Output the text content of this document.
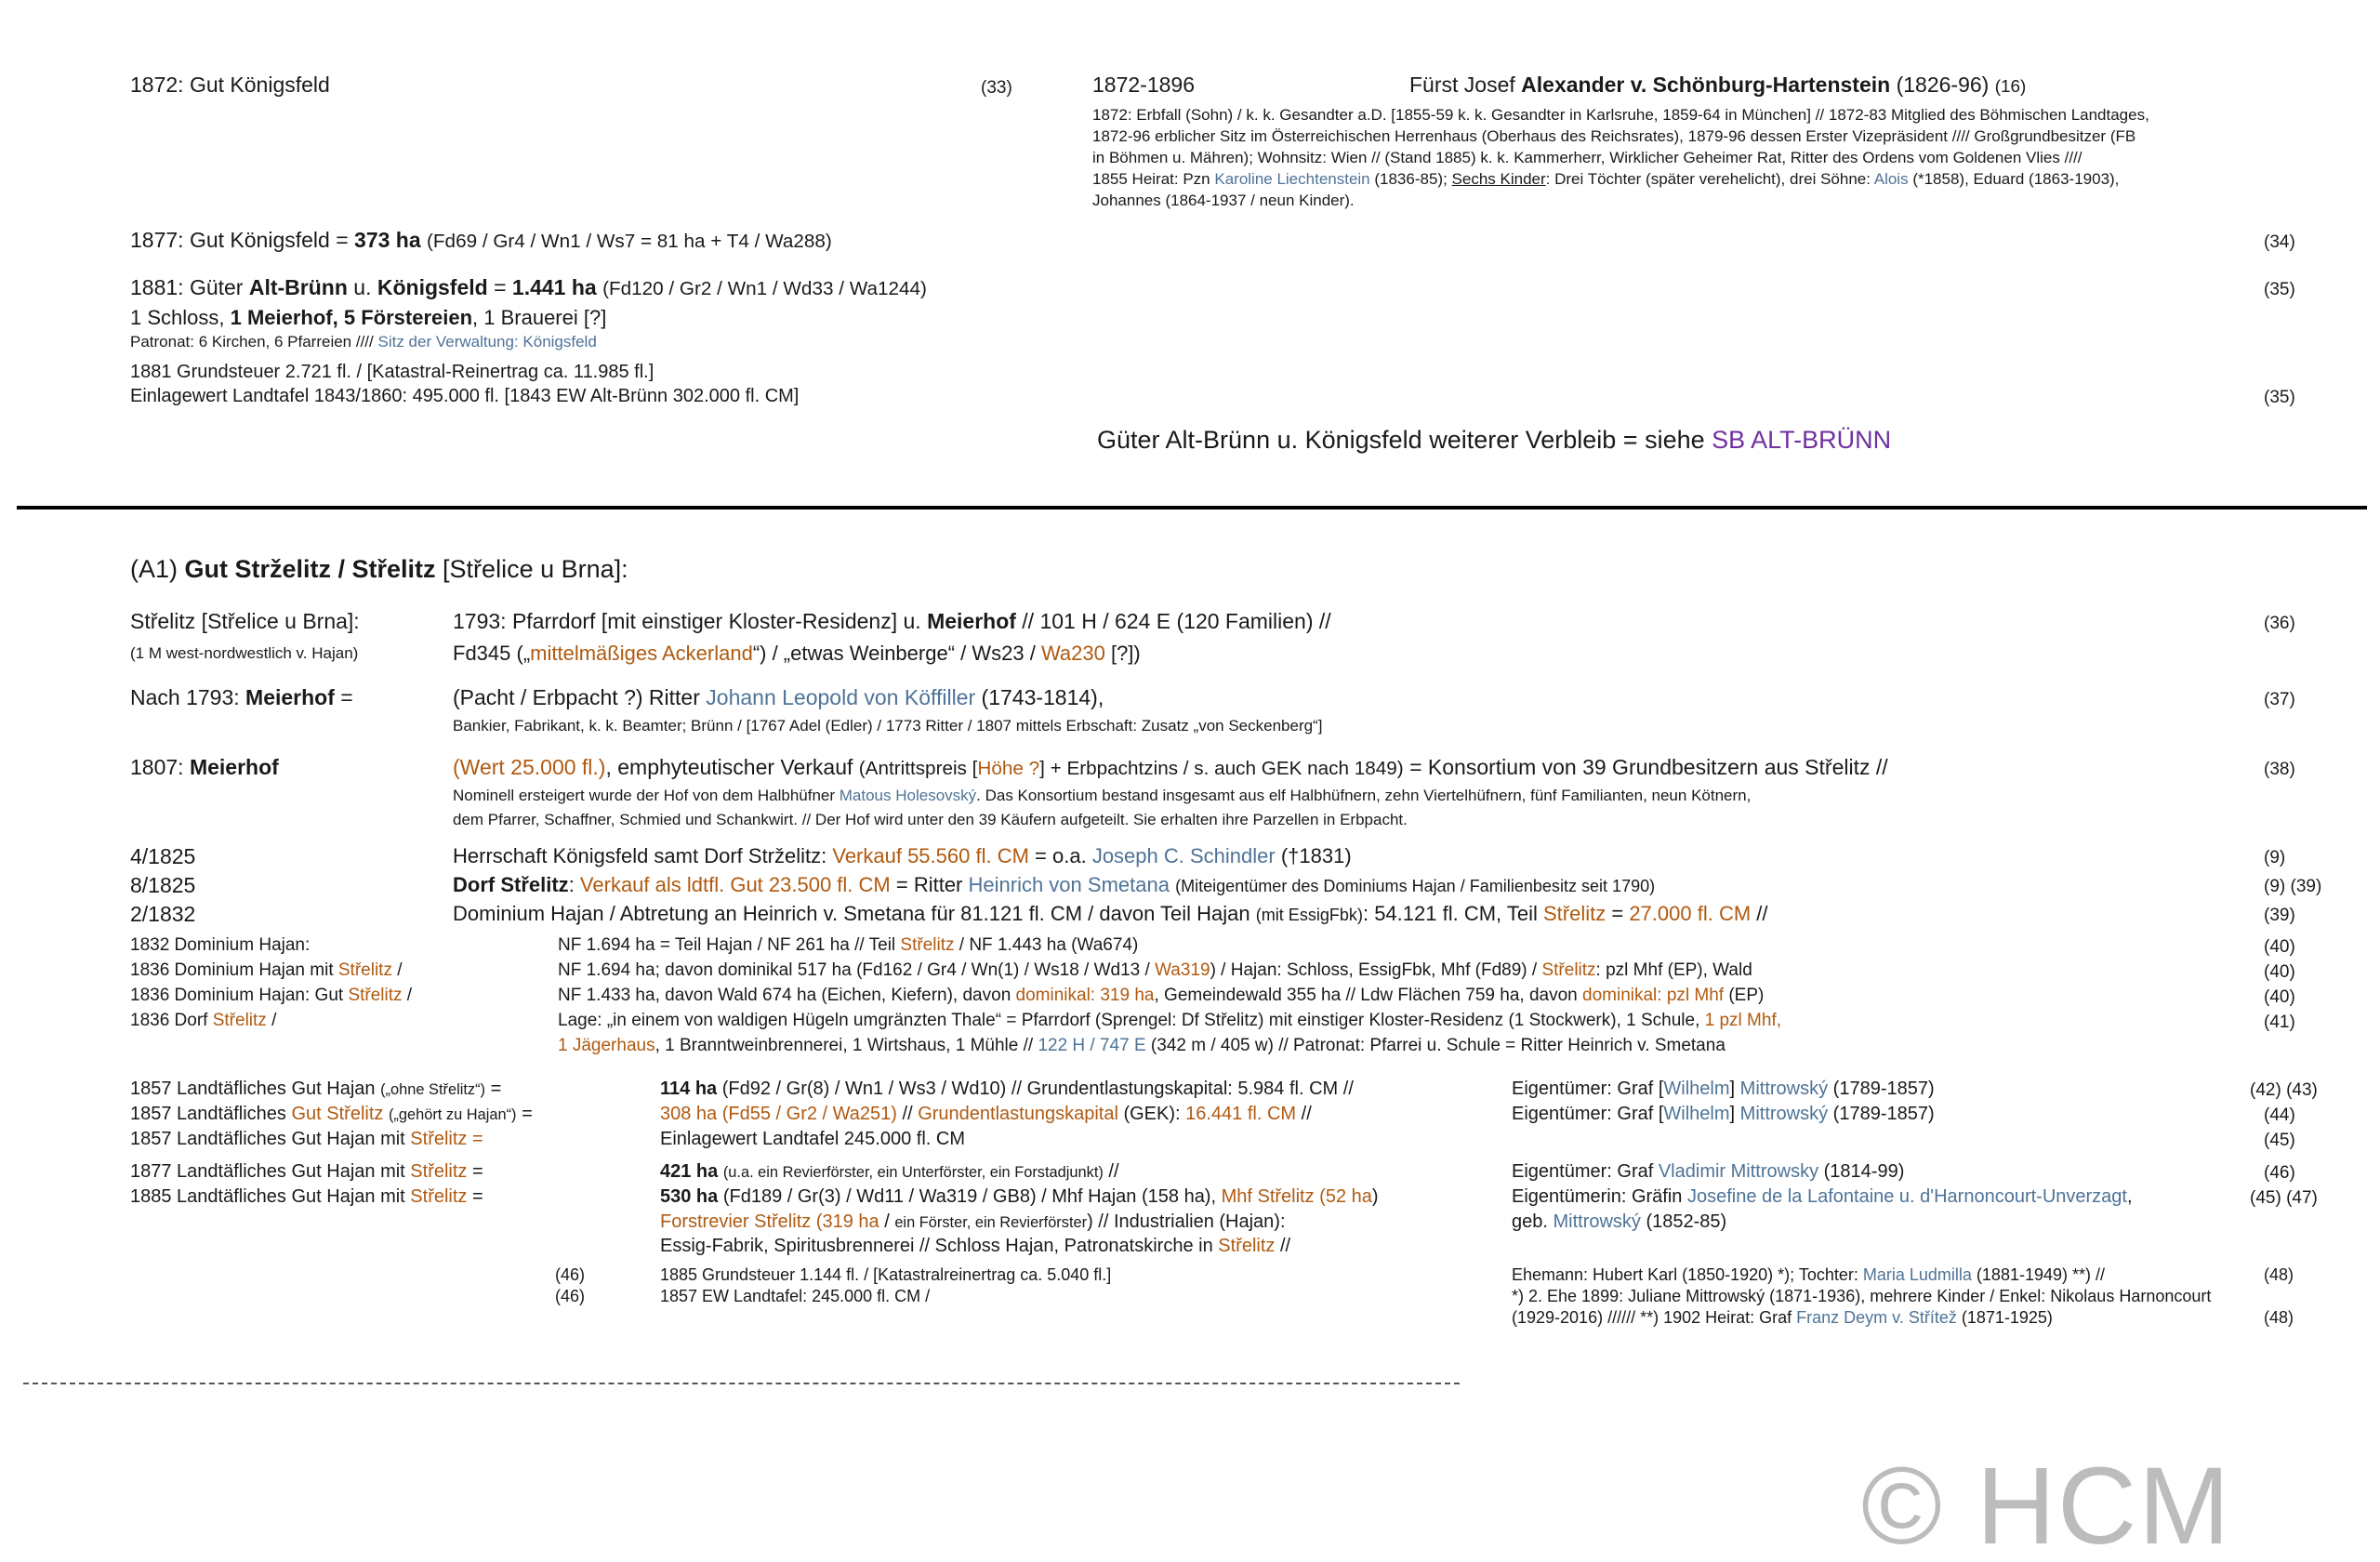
1872: Gut Königsfeld	(33)	1872-1896	Fürst Josef Alexander v. Schönburg-Hartenstein (1826-96) (16)
1872: Erbfall (Sohn) / k. k. Gesandter a.D. [1855-59 k. k. Gesandter in Karlsruhe, 1859-64 in München] // 1872-83 Mitglied des Böhmischen Landtages,
1872-96 erblicher Sitz im Österreichischen Herrenhaus (Oberhaus des Reichsrates), 1879-96 dessen Erster Vizepräsident //// Großgrundbesitzer (FB
in Böhmen u. Mähren); Wohnsitz: Wien // (Stand 1885) k. k. Kammerherr, Wirklicher Geheimer Rat, Ritter des Ordens vom Goldenen Vlies ////
1855 Heirat: Pzn Karoline Liechtenstein (1836-85); Sechs Kinder: Drei Töchter (später verehelicht), drei Söhne: Alois (*1858), Eduard (1863-1903),
Johannes (1864-1937 / neun Kinder).
1877: Gut Königsfeld = 373 ha (Fd69 / Gr4 / Wn1 / Ws7 = 81 ha + T4 / Wa288)	(34)
1881: Güter Alt-Brünn u. Königsfeld = 1.441 ha (Fd120 / Gr2 / Wn1 / Wd33 / Wa1244)	(35)
1 Schloss, 1 Meierhof, 5 Förstereien, 1 Brauerei [?]
Patronat: 6 Kirchen, 6 Pfarreien //// Sitz der Verwaltung: Königsfeld
1881 Grundsteuer 2.721 fl. / [Katastral-Reinertrag ca. 11.985 fl.]
Einlagewert Landtafel 1843/1860: 495.000 fl. [1843 EW Alt-Brünn 302.000 fl. CM]	(35)
Güter Alt-Brünn u. Königsfeld weiterer Verbleib = siehe SB ALT-BRÜNN
(A1) Gut Strželitz / Střelitz [Střelice u Brna]:
Střelitz [Střelice u Brna]:
(1 M west-nordwestlich v. Hajan)
1793: Pfarrdorf [mit einstiger Kloster-Residenz] u. Meierhof // 101 H / 624 E (120 Familien) //	(36)
Fd345 („mittelmäßiges Ackerland“) / „etwas Weinberge“ / Ws23 / Wa230 [?])
Nach 1793: Meierhof =	(Pacht / Erbpacht ?) Ritter Johann Leopold von Köffiller (1743-1814),	(37)
Bankier, Fabrikant, k. k. Beamter; Brünn / [1767 Adel (Edler) / 1773 Ritter / 1807 mittels Erbschaft: Zusatz „von Seckenberg“]
1807: Meierhof	(Wert 25.000 fl.), emphyteutischer Verkauf (Antrittspreis [Höhe ?] + Erbpachtzins / s. auch GEK nach 1849) = Konsortium von 39 Grundbesitzern aus Střelitz //	(38)
Nominell ersteigert wurde der Hof von dem Halbhüfner Matous Holesovský. Das Konsortium bestand insgesamt aus elf Halbhüfnern, zehn Viertelhüfnern, fünf Familianten, neun Kötnern,
dem Pfarrer, Schaffner, Schmied und Schankwirt. // Der Hof wird unter den 39 Käufern aufgeteilt. Sie erhalten ihre Parzellen in Erbpacht.
4/1825	Herrschaft Königsfeld samt Dorf Strželitz: Verkauf 55.560 fl. CM = o.a. Joseph C. Schindler (†1831)	(9)
8/1825	Dorf Střelitz: Verkauf als ldtfl. Gut 23.500 fl. CM = Ritter Heinrich von Smetana (Miteigentümer des Dominiums Hajan / Familienbesitz seit 1790)	(9) (39)
2/1832	Dominium Hajan / Abtretung an Heinrich v. Smetana für 81.121 fl. CM / davon Teil Hajan (mit EssigFbk): 54.121 fl. CM, Teil Střelitz = 27.000 fl. CM //	(39)
1832 Dominium Hajan:	NF 1.694 ha = Teil Hajan / NF 261 ha // Teil Střelitz / NF 1.443 ha (Wa674)	(40)
1836 Dominium Hajan mit Střelitz /	NF 1.694 ha; davon dominikal 517 ha (Fd162 / Gr4 / Wn(1) / Ws18 / Wd13 / Wa319) / Hajan: Schloss, EssigFbk, Mhf (Fd89) / Střelitz: pzl Mhf (EP), Wald	(40)
1836 Dominium Hajan: Gut Střelitz /	NF 1.433 ha, davon Wald 674 ha (Eichen, Kiefern), davon dominikal: 319 ha, Gemeindewald 355 ha // Ldw Flächen 759 ha, davon dominikal: pzl Mhf (EP)	(40)
1836 Dorf Střelitz /	Lage: „in einem von waldigen Hügeln umgränzten Thale“ = Pfarrdorf (Sprengel: Df Střelitz) mit einstiger Kloster-Residenz (1 Stockwerk), 1 Schule, 1 pzl Mhf,	(41)
1 Jägerhaus, 1 Branntweinbrennerei, 1 Wirtshaus, 1 Mühle // 122 H / 747 E (342 m / 405 w) // Patronat: Pfarrei u. Schule = Ritter Heinrich v. Smetana
1857 Landtäfliches Gut Hajan („ohne Střelitz“) =	114 ha (Fd92 / Gr(8) / Wn1 / Ws3 / Wd10) // Grundentlastungskapital: 5.984 fl. CM //	Eigentümer: Graf [Wilhelm] Mittrowský (1789-1857)	(42) (43)
1857 Landtäfliches Gut Střelitz („gehört zu Hajan“) =	308 ha (Fd55 / Gr2 / Wa251) // Grundentlastungskapital (GEK): 16.441 fl. CM //	Eigentümer: Graf [Wilhelm] Mittrowský (1789-1857)	(44)
1857 Landtäfliches Gut Hajan mit Střelitz =	Einlagewert Landtafel 245.000 fl. CM	(45)
1877 Landtäfliches Gut Hajan mit Střelitz =	421 ha (u.a. ein Revierförster, ein Unterförster, ein Forstadjunkt) //	Eigentümer: Graf Vladimir Mittrowsky (1814-99)	(46)
1885 Landtäfliches Gut Hajan mit Střelitz =	530 ha (Fd189 / Gr(3) / Wd11 / Wa319 / GB8) / Mhf Hajan (158 ha), Mhf Střelitz (52 ha)	Eigentümerin: Gräfin Josefine de la Lafontaine u. d'Harnoncourt-Unverzagt,	(45) (47)
Forstrevier Střelitz (319 ha / ein Förster, ein Revierförster) // Industrialien (Hajan):	geb. Mittrowský (1852-85)
Essig-Fabrik, Spiritusbrennerei // Schloss Hajan, Patronatskirche in Střelitz //
(46)	1885 Grundsteuer 1.144 fl. / [Katastralreinertrag ca. 5.040 fl.]	Ehemann: Hubert Karl (1850-1920) *); Tochter: Maria Ludmilla (1881-1949) **) //	(48)
(46)	1857 EW Landtafel: 245.000 fl. CM /	*) 2. Ehe 1899: Juliane Mittrowský (1871-1936), mehrere Kinder / Enkel: Nikolaus Harnoncourt
(1929-2016) ////// **) 1902 Heirat: Graf Franz Deym v. Střítež (1871-1925)	(48)
© HCM
